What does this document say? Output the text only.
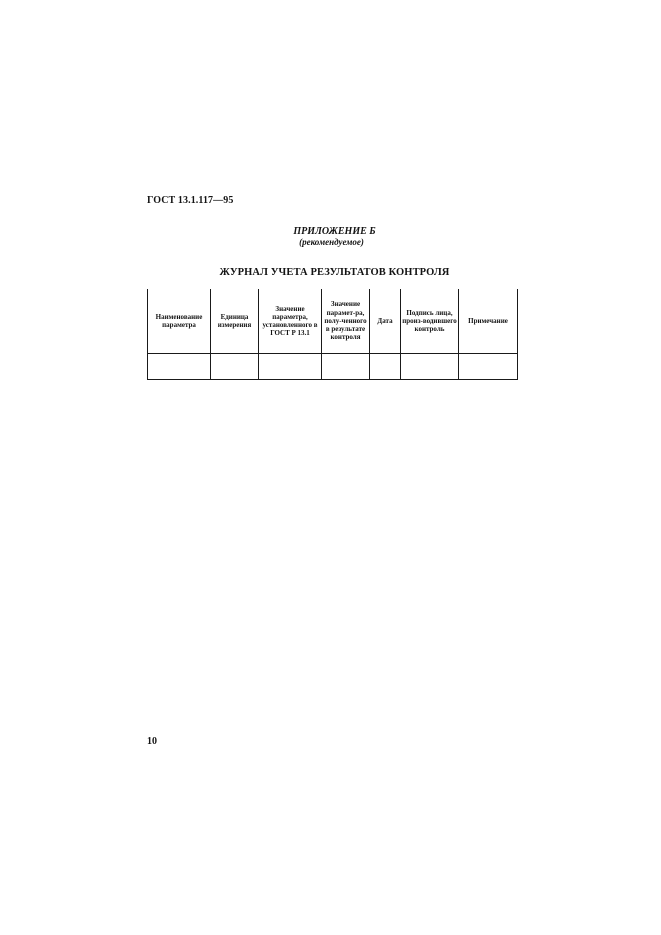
ГОСТ 13.1.117—95
ПРИЛОЖЕНИЕ Б
(рекомендуемое)
ЖУРНАЛ УЧЕТА РЕЗУЛЬТАТОВ КОНТРОЛЯ
Наименование параметра	Единица измерения	Значение параметра, установленного в ГОСТ Р 13.1	Значение парамет-ра, полу-ченного в результате контроля	Дата	Подпись лица, произ-водившего контроль	Примечание

10
